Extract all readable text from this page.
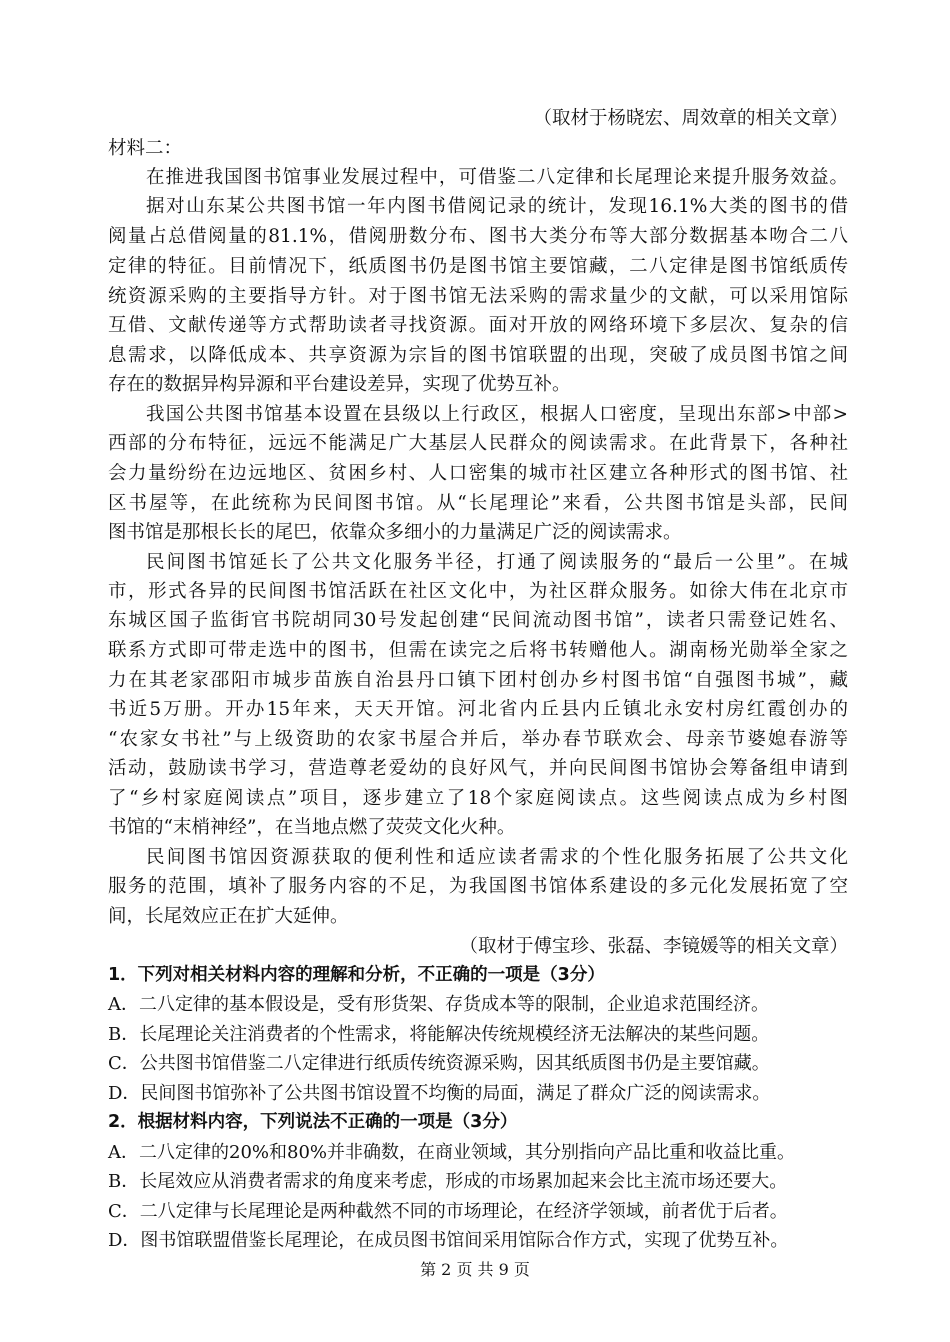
（取材于杨晓宏、周效章的相关文章）
材料二：
在推进我国图书馆事业发展过程中，可借鉴二八定律和长尾理论来提升服务效益。
据对山东某公共图书馆一年内图书借阅记录的统计，发现16.1%大类的图书的借
阅量占总借阅量的81.1%，借阅册数分布、图书大类分布等大部分数据基本吻合二八
定律的特征。目前情况下，纸质图书仍是图书馆主要馆藏，二八定律是图书馆纸质传
统资源采购的主要指导方针。对于图书馆无法采购的需求量少的文献，可以采用馆际
互借、文献传递等方式帮助读者寻找资源。面对开放的网络环境下多层次、复杂的信
息需求，以降低成本、共享资源为宗旨的图书馆联盟的出现，突破了成员图书馆之间
存在的数据异构异源和平台建设差异，实现了优势互补。
我国公共图书馆基本设置在县级以上行政区，根据人口密度，呈现出东部>中部>
西部的分布特征，远远不能满足广大基层人民群众的阅读需求。在此背景下，各种社
会力量纷纷在边远地区、贫困乡村、人口密集的城市社区建立各种形式的图书馆、社
区书屋等，在此统称为民间图书馆。从“长尾理论”来看，公共图书馆是头部，民间
图书馆是那根长长的尾巴，依靠众多细小的力量满足广泛的阅读需求。
民间图书馆延长了公共文化服务半径，打通了阅读服务的“最后一公里”。在城
市，形式各异的民间图书馆活跃在社区文化中，为社区群众服务。如徐大伟在北京市
东城区国子监街官书院胡同30号发起创建“民间流动图书馆”，读者只需登记姓名、
联系方式即可带走选中的图书，但需在读完之后将书转赠他人。湖南杨光勋举全家之
力在其老家邵阳市城步苗族自治县丹口镇下团村创办乡村图书馆“自强图书城”，藏
书近5万册。开办15年来，天天开馆。河北省内丘县内丘镇北永安村房红霞创办的
“农家女书社”与上级资助的农家书屋合并后，举办春节联欢会、母亲节婆媳春游等
活动，鼓励读书学习，营造尊老爱幼的良好风气，并向民间图书馆协会筹备组申请到
了“乡村家庭阅读点”项目，逐步建立了18个家庭阅读点。这些阅读点成为乡村图
书馆的“末梢神经”，在当地点燃了荧荧文化火种。
民间图书馆因资源获取的便利性和适应读者需求的个性化服务拓展了公共文化
服务的范围，填补了服务内容的不足，为我国图书馆体系建设的多元化发展拓宽了空
间，长尾效应正在扩大延伸。
（取材于傅宝珍、张磊、李镜媛等的相关文章）
1．下列对相关材料内容的理解和分析，不正确的一项是（3分）
A．二八定律的基本假设是，受有形货架、存货成本等的限制，企业追求范围经济。
B．长尾理论关注消费者的个性需求，将能解决传统规模经济无法解决的某些问题。
C．公共图书馆借鉴二八定律进行纸质传统资源采购，因其纸质图书仍是主要馆藏。
D．民间图书馆弥补了公共图书馆设置不均衡的局面，满足了群众广泛的阅读需求。
2．根据材料内容，下列说法不正确的一项是（3分）
A．二八定律的20%和80%并非确数，在商业领域，其分别指向产品比重和收益比重。
B．长尾效应从消费者需求的角度来考虑，形成的市场累加起来会比主流市场还要大。
C．二八定律与长尾理论是两种截然不同的市场理论，在经济学领域，前者优于后者。
D．图书馆联盟借鉴长尾理论，在成员图书馆间采用馆际合作方式，实现了优势互补。
第 2 页 共 9 页
